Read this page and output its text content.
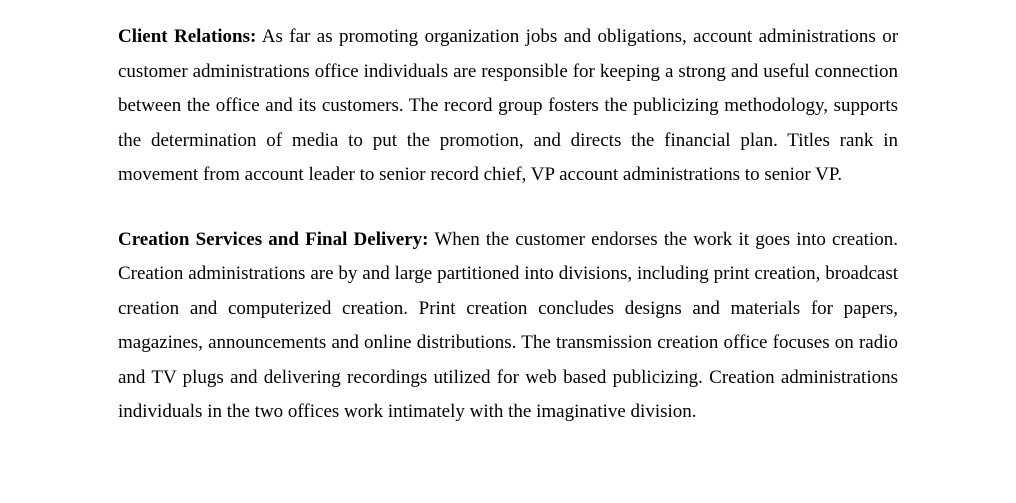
Client Relations: As far as promoting organization jobs and obligations, account administrations or customer administrations office individuals are responsible for keeping a strong and useful connection between the office and its customers. The record group fosters the publicizing methodology, supports the determination of media to put the promotion, and directs the financial plan. Titles rank in movement from account leader to senior record chief, VP account administrations to senior VP.

Creation Services and Final Delivery: When the customer endorses the work it goes into creation. Creation administrations are by and large partitioned into divisions, including print creation, broadcast creation and computerized creation. Print creation concludes designs and materials for papers, magazines, announcements and online distributions. The transmission creation office focuses on radio and TV plugs and delivering recordings utilized for web based publicizing. Creation administrations individuals in the two offices work intimately with the imaginative division.
